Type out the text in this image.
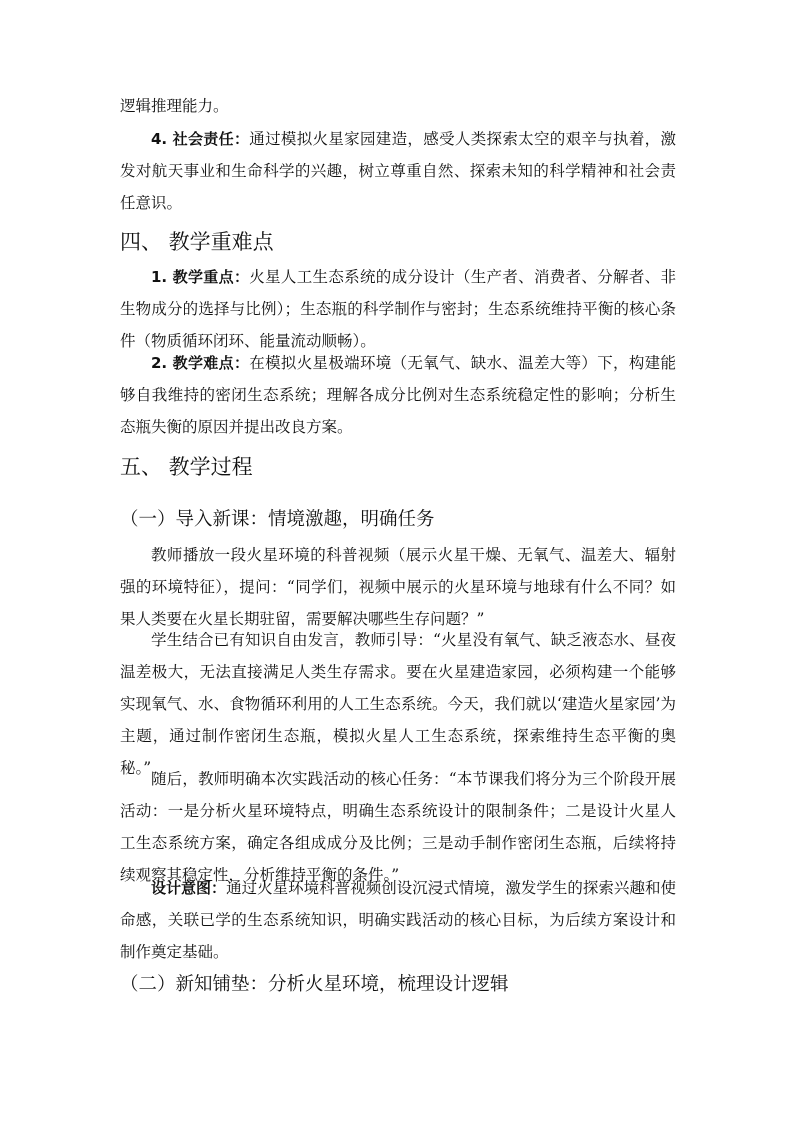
逻辑推理能力。

4. 社会责任：通过模拟火星家园建造，感受人类探索太空的艰辛与执着，激发对航天事业和生命科学的兴趣，树立尊重自然、探索未知的科学精神和社会责任意识。

四、 教学重难点

1. 教学重点：火星人工生态系统的成分设计（生产者、消费者、分解者、非生物成分的选择与比例）；生态瓶的科学制作与密封；生态系统维持平衡的核心条件（物质循环闭环、能量流动顺畅）。

2. 教学难点：在模拟火星极端环境（无氧气、缺水、温差大等）下，构建能够自我维持的密闭生态系统；理解各成分比例对生态系统稳定性的影响；分析生态瓶失衡的原因并提出改良方案。

五、 教学过程
（一）导入新课：情境激趣，明确任务

教师播放一段火星环境的科普视频（展示火星干燥、无氧气、温差大、辐射强的环境特征），提问：“同学们，视频中展示的火星环境与地球有什么不同？如果人类要在火星长期驻留，需要解决哪些生存问题？”

学生结合已有知识自由发言，教师引导：“火星没有氧气、缺乏液态水、昼夜温差极大，无法直接满足人类生存需求。要在火星建造家园，必须构建一个能够实现氧气、水、食物循环利用的人工生态系统。今天，我们就以‘建造火星家园’为主题，通过制作密闭生态瓶，模拟火星人工生态系统，探索维持生态平衡的奥秘。”

随后，教师明确本次实践活动的核心任务：“本节课我们将分为三个阶段开展活动：一是分析火星环境特点，明确生态系统设计的限制条件；二是设计火星人工生态系统方案，确定各组成成分及比例；三是动手制作密闭生态瓶，后续将持续观察其稳定性，分析维持平衡的条件。”

设计意图：通过火星环境科普视频创设沉浸式情境，激发学生的探索兴趣和使命感，关联已学的生态系统知识，明确实践活动的核心目标，为后续方案设计和制作奠定基础。

（二）新知铺垫：分析火星环境，梳理设计逻辑
